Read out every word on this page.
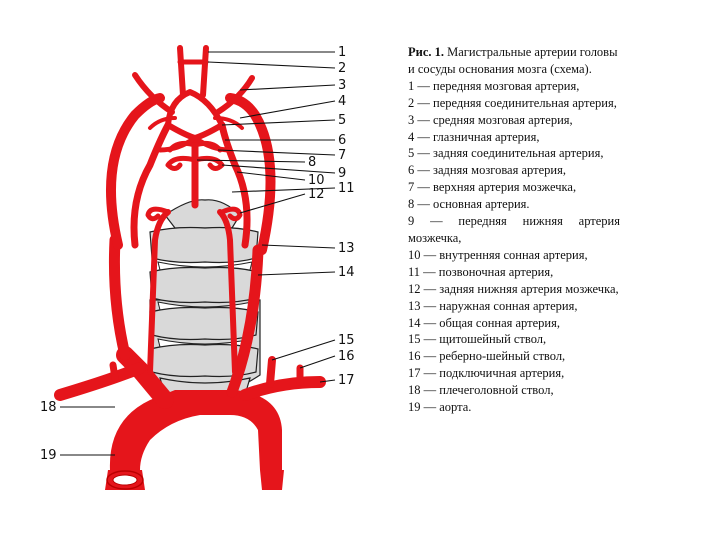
1
2
3
4
5
6
7
8
9
10
11
12
13
14
15
16
17
18
19

Рис. 1. Магистральные артерии головы и сосуды основания мозга (схема).

1 — передняя мозговая артерия,

2 — передняя соединительная артерия,

3 — средняя мозговая артерия,

4 — глазничная артерия,

5 — задняя соединительная артерия,

6 — задняя мозговая артерия,

7 — верхняя артерия мозжечка,

8 — основная артерия.

9 — передняя нижняя артерия мозжечка,

10 — внутренняя сонная артерия,

11 — позвоночная артерия,

12 — задняя нижняя артерия мозжечка,

13 — наружная сонная артерия,

14 — общая сонная артерия,

15 — щитошейный ствол,

16 — реберно-шейный ствол,

17 — подключичная артерия,

18 — плечеголовной ствол,

19 — аорта.
